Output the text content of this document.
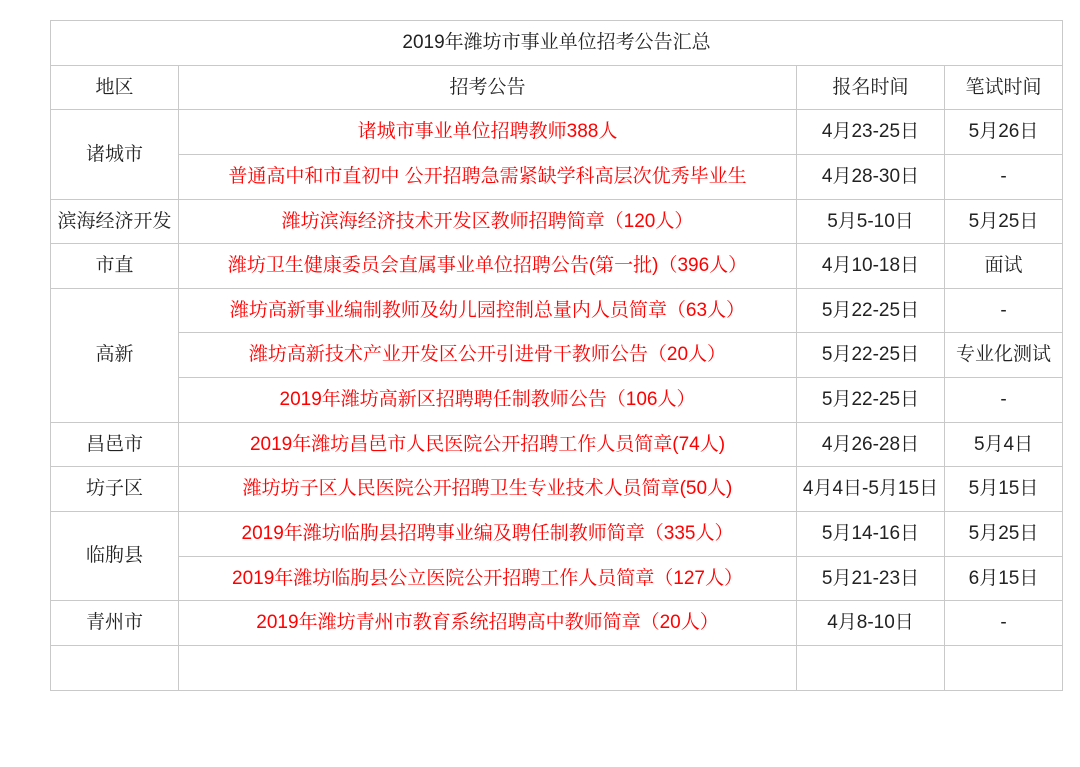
2019年潍坊市事业单位招考公告汇总			
地区	招考公告	报名时间	笔试时间
诸城市	诸城市事业单位招聘教师388人	4月23-25日	5月26日
	普通高中和市直初中 公开招聘急需紧缺学科高层次优秀毕业生	4月28-30日	-
滨海经济开发	潍坊滨海经济技术开发区教师招聘简章（120人）	5月5-10日	5月25日
市直	潍坊卫生健康委员会直属事业单位招聘公告(第一批)（396人）	4月10-18日	面试
高新	潍坊高新事业编制教师及幼儿园控制总量内人员简章（63人）	5月22-25日	-
	潍坊高新技术产业开发区公开引进骨干教师公告（20人）	5月22-25日	专业化测试
	2019年潍坊高新区招聘聘任制教师公告（106人）	5月22-25日	-
昌邑市	2019年潍坊昌邑市人民医院公开招聘工作人员简章(74人)	4月26-28日	5月4日
坊子区	潍坊坊子区人民医院公开招聘卫生专业技术人员简章(50人)	4月4日-5月15日	5月15日
临朐县	2019年潍坊临朐县招聘事业编及聘任制教师简章（335人）	5月14-16日	5月25日
	2019年潍坊临朐县公立医院公开招聘工作人员简章（127人）	5月21-23日	6月15日
青州市	2019年潍坊青州市教育系统招聘高中教师简章（20人）	4月8-10日	-
